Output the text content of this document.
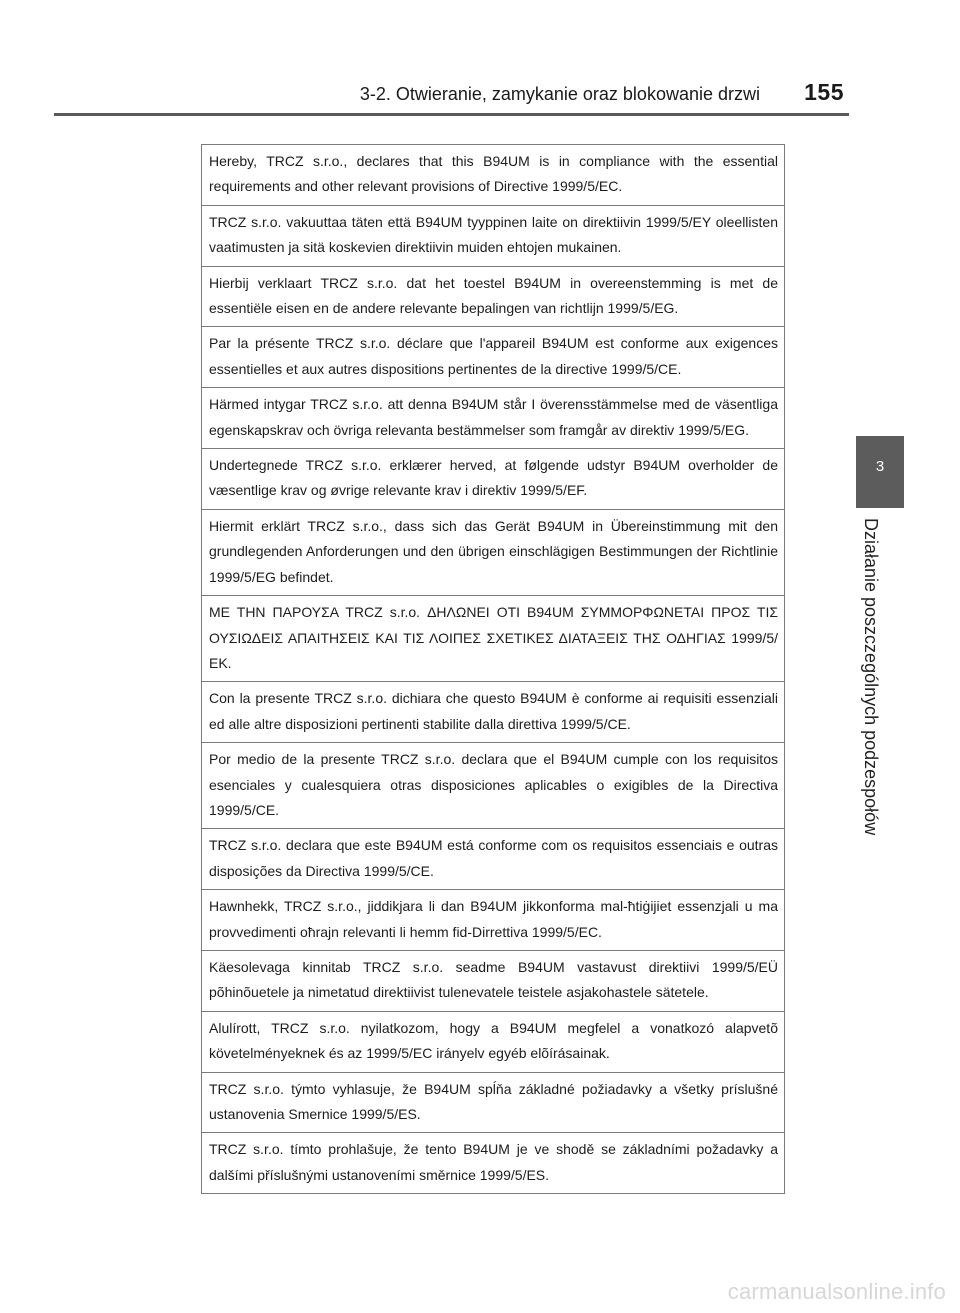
3-2. Otwieranie, zamykanie oraz blokowanie drzwi 155
3
Działanie poszczególnych podzespołów
Hereby, TRCZ s.r.o., declares that this B94UM is in compliance with the essential requirements and other relevant provisions of Directive 1999/5/EC.
TRCZ s.r.o. vakuuttaa täten että B94UM tyyppinen laite on direktiivin 1999/5/EY oleellisten vaatimusten ja sitä koskevien direktiivin muiden ehtojen mukainen.
Hierbij verklaart TRCZ s.r.o. dat het toestel B94UM in overeenstemming is met de essentiële eisen en de andere relevante bepalingen van richtlijn 1999/5/EG.
Par la présente TRCZ s.r.o. déclare que l'appareil B94UM est conforme aux exigences essentielles et aux autres dispositions pertinentes de la directive 1999/5/CE.
Härmed intygar TRCZ s.r.o. att denna B94UM står I överensstämmelse med de väsentliga egenskapskrav och övriga relevanta bestämmelser som framgår av direktiv 1999/5/EG.
Undertegnede TRCZ s.r.o. erklærer herved, at følgende udstyr B94UM overholder de væsentlige krav og øvrige relevante krav i direktiv 1999/5/EF.
Hiermit erklärt TRCZ s.r.o., dass sich das Gerät B94UM in Übereinstimmung mit den grundlegenden Anforderungen und den übrigen einschlägigen Bestimmungen der Richtlinie 1999/5/EG befindet.
ΜΕ ΤΗΝ ΠΑΡΟΥΣΑ TRCZ s.r.o. ΔΗΛΩΝΕΙ ΟΤΙ B94UM ΣΥΜΜΟΡΦΩΝΕΤΑΙ ΠΡΟΣ ΤΙΣ ΟΥΣΙΩΔΕΙΣ ΑΠΑΙΤΗΣΕΙΣ ΚΑΙ ΤΙΣ ΛΟΙΠΕΣ ΣΧΕΤΙΚΕΣ ΔΙΑΤΑΞΕΙΣ ΤΗΣ ΟΔΗΓΙΑΣ 1999/5/ΕΚ.
Con la presente TRCZ s.r.o. dichiara che questo B94UM è conforme ai requisiti essenziali ed alle altre disposizioni pertinenti stabilite dalla direttiva 1999/5/CE.
Por medio de la presente TRCZ s.r.o. declara que el B94UM cumple con los requisitos esenciales y cualesquiera otras disposiciones aplicables o exigibles de la Directiva 1999/5/CE.
TRCZ s.r.o. declara que este B94UM está conforme com os requisitos essenciais e outras disposições da Directiva 1999/5/CE.
Hawnhekk, TRCZ s.r.o., jiddikjara li dan B94UM jikkonforma mal-ħtiġijiet essenzjali u ma provvedimenti oħrajn relevanti li hemm fid-Dirrettiva 1999/5/EC.
Käesolevaga kinnitab TRCZ s.r.o. seadme B94UM vastavust direktiivi 1999/5/EÜ põhinõuetele ja nimetatud direktiivist tulenevatele teistele asjakohastele sätetele.
Alulírott, TRCZ s.r.o. nyilatkozom, hogy a B94UM megfelel a vonatkozó alapvetõ követelményeknek és az 1999/5/EC irányelv egyéb elõírásainak.
TRCZ s.r.o. týmto vyhlasuje, že B94UM spĺňa základné požiadavky a všetky príslušné ustanovenia Smernice 1999/5/ES.
TRCZ s.r.o. tímto prohlašuje, že tento B94UM je ve shodě se základními požadavky a dalšími příslušnými ustanoveními směrnice 1999/5/ES.
carmanualsonline.info
